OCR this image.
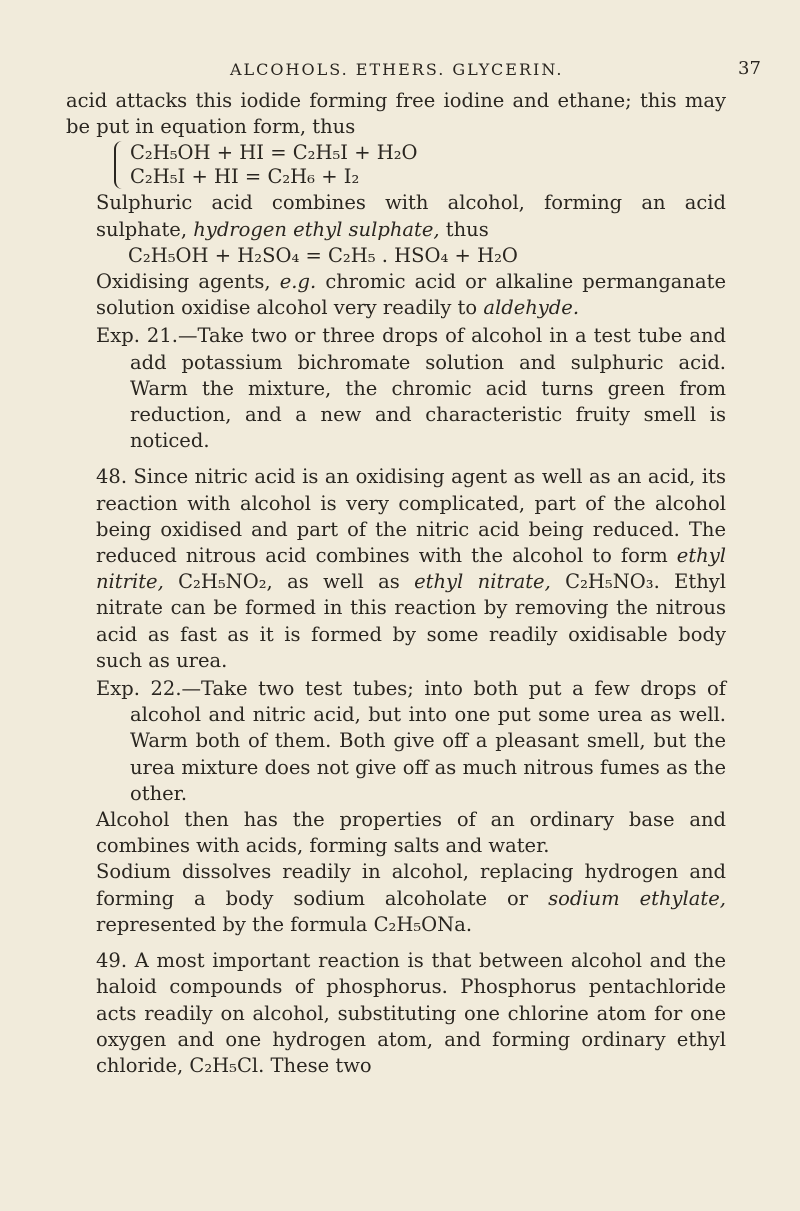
ALCOHOLS. ETHERS. GLYCERIN.	37

acid attacks this iodide forming free iodine and ethane; this may be put in equation form, thus

C₂H₅OH + HI = C₂H₅I + H₂O
C₂H₅I + HI = C₂H₆ + I₂

Sulphuric acid combines with alcohol, forming an acid sulphate, hydrogen ethyl sulphate, thus

C₂H₅OH + H₂SO₄ = C₂H₅ . HSO₄ + H₂O

Oxidising agents, e.g. chromic acid or alkaline permanganate solution oxidise alcohol very readily to aldehyde.

Exp. 21.—Take two or three drops of alcohol in a test tube and add potassium bichromate solution and sulphuric acid. Warm the mixture, the chromic acid turns green from reduction, and a new and characteristic fruity smell is noticed.

48. Since nitric acid is an oxidising agent as well as an acid, its reaction with alcohol is very complicated, part of the alcohol being oxidised and part of the nitric acid being reduced. The reduced nitrous acid combines with the alcohol to form ethyl nitrite, C₂H₅NO₂, as well as ethyl nitrate, C₂H₅NO₃. Ethyl nitrate can be formed in this reaction by removing the nitrous acid as fast as it is formed by some readily oxidisable body such as urea.

Exp. 22.—Take two test tubes; into both put a few drops of alcohol and nitric acid, but into one put some urea as well. Warm both of them. Both give off a pleasant smell, but the urea mixture does not give off as much nitrous fumes as the other.

Alcohol then has the properties of an ordinary base and combines with acids, forming salts and water.

Sodium dissolves readily in alcohol, replacing hydrogen and forming a body sodium alcoholate or sodium ethylate, represented by the formula C₂H₅ONa.

49. A most important reaction is that between alcohol and the haloid compounds of phosphorus. Phosphorus pentachloride acts readily on alcohol, substituting one chlorine atom for one oxygen and one hydrogen atom, and forming ordinary ethyl chloride, C₂H₅Cl. These two
